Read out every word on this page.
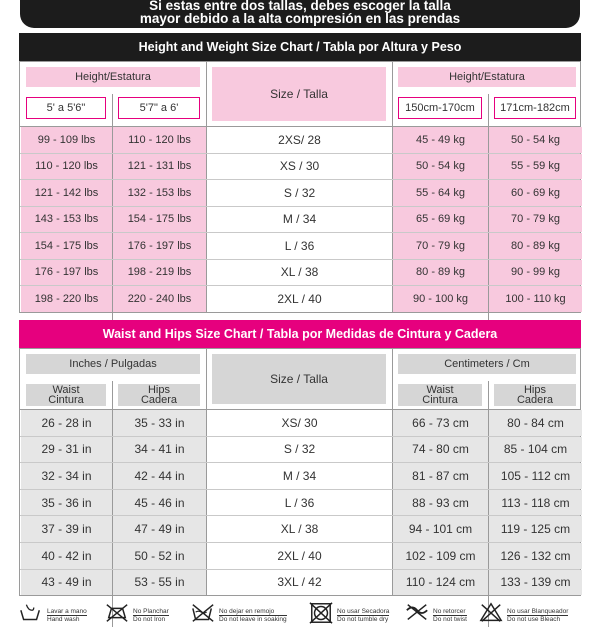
Si estas entre dos tallas, debes escoger la talla
mayor debido a la alta compresión en las prendas
Height and Weight Size Chart / Tabla por Altura y Peso
Height/Estatura	Height/Estatura
Size / Talla
5' a 5'6"	5'7" a 6'	150cm-170cm	171cm-182cm
99 - 109 lbs	110 - 120 lbs	2XS/ 28	45 - 49 kg	50 - 54 kg
110 - 120 lbs	121 - 131 lbs	XS / 30	50 - 54 kg	55 - 59 kg
121 - 142 lbs	132 - 153 lbs	S / 32	55 - 64 kg	60 - 69 kg
143 - 153 lbs	154 - 175 lbs	M / 34	65 - 69 kg	70 - 79 kg
154 - 175 lbs	176 - 197 lbs	L / 36	70 - 79 kg	80 - 89 kg
176 - 197 lbs	198 - 219 lbs	XL / 38	80 - 89 kg	90 - 99 kg
198 - 220 lbs	220 - 240 lbs	2XL / 40	90 - 100 kg	100 - 110 kg
Waist and Hips Size Chart / Tabla por Medidas de Cintura y Cadera
Inches / Pulgadas	Centimeters / Cm
Size / Talla
Waist
Cintura
Hips
Cadera
Waist
Cintura
Hips
Cadera
26 - 28 in	35 - 33 in	XS/ 30	66 - 73 cm	80 - 84 cm
29 - 31 in	34 - 41 in	S / 32	74 - 80 cm	85 - 104 cm
32 - 34 in	42 - 44 in	M / 34	81 - 87 cm	105 - 112 cm
35 - 36 in	45 - 46 in	L / 36	88 - 93 cm	113 - 118 cm
37 - 39 in	47 - 49 in	XL / 38	94 - 101 cm	119 - 125 cm
40 - 42 in	50 - 52 in	2XL / 40	102 - 109 cm	126 - 132 cm
43 - 49 in	53 - 55 in	3XL / 42	110 - 124 cm	133 - 139 cm
Lavar a mano
Hand wash
No Planchar
Do not Iron
No dejar en remojo
Do not leave in soaking
No usar Secadora
Do not tumble dry
No retorcer
Do not twist
No usar Blanqueador
Do not use Bleach
